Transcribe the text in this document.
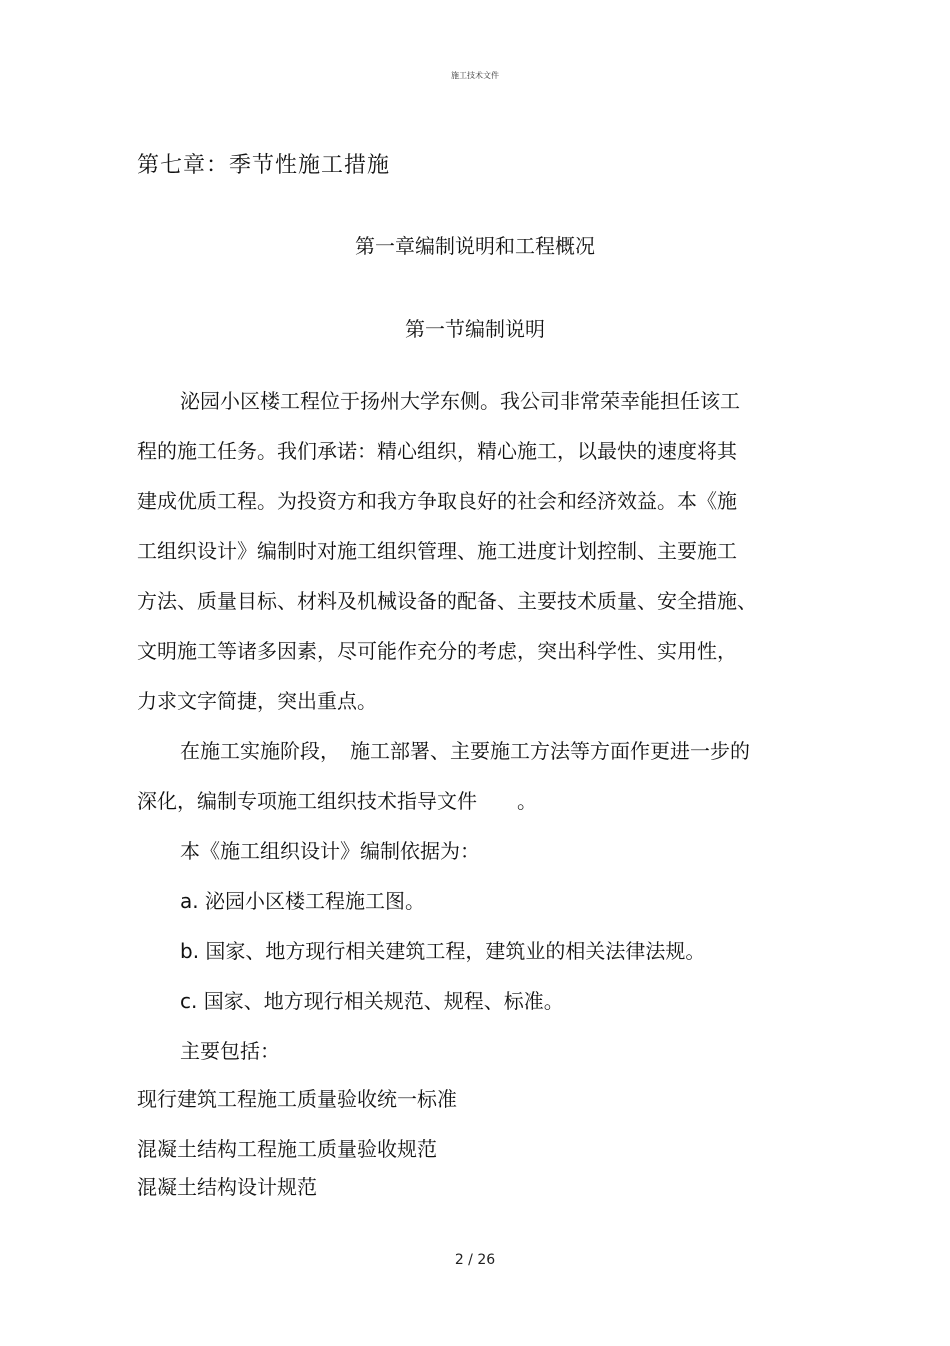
施工技术文件
第七章：季节性施工措施
第一章编制说明和工程概况
第一节编制说明
泌园小区楼工程位于扬州大学东侧。我公司非常荣幸能担任该工
程的施工任务。我们承诺：精心组织，精心施工，以最快的速度将其
建成优质工程。为投资方和我方争取良好的社会和经济效益。本《施
工组织设计》编制时对施工组织管理、施工进度计划控制、主要施工
方法、质量目标、材料及机械设备的配备、主要技术质量、安全措施、
文明施工等诸多因素，尽可能作充分的考虑，突出科学性、实用性，
力求文字简捷，突出重点。
在施工实施阶段，　施工部署、主要施工方法等方面作更进一步的
深化，编制专项施工组织技术指导文件　　。
本《施工组织设计》编制依据为：
a. 泌园小区楼工程施工图。
b. 国家、地方现行相关建筑工程，建筑业的相关法律法规。
c. 国家、地方现行相关规范、规程、标准。
主要包括：
现行建筑工程施工质量验收统一标准
混凝土结构工程施工质量验收规范
混凝土结构设计规范
2 / 26
